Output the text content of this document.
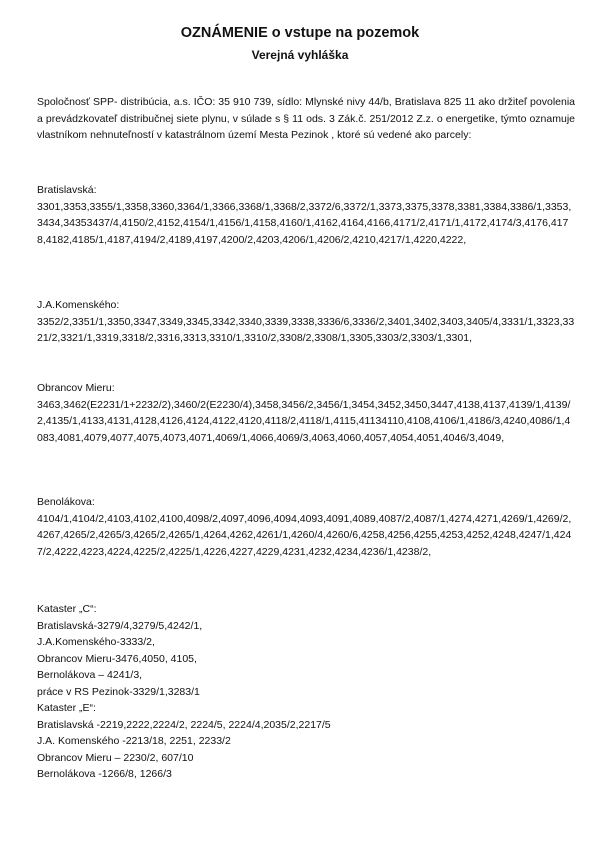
OZNÁMENIE o vstupe na pozemok
Verejná vyhláška
Spoločnosť SPP- distribúcia, a.s. IČO: 35 910 739, sídlo: Mlynské nivy 44/b, Bratislava 825 11 ako držiteľ povolenia a prevádzkovateľ distribučnej siete plynu, v súlade s § 11 ods. 3 Zák.č. 251/2012 Z.z. o energetike, týmto oznamuje vlastníkom nehnuteľností v katastrálnom území Mesta Pezinok , ktoré sú vedené ako parcely:
Bratislavská:
3301,3353,3355/1,3358,3360,3364/1,3366,3368/1,3368/2,3372/6,3372/1,3373,3375,3378,3381,3384,3386/1,3353,3434,34353437/4,4150/2,4152,4154/1,4156/1,4158,4160/1,4162,4164,4166,4171/2,4171/1,4172,4174/3,4176,4178,4182,4185/1,4187,4194/2,4189,4197,4200/2,4203,4206/1,4206/2,4210,4217/1,4220,4222,
J.A.Komenského:
3352/2,3351/1,3350,3347,3349,3345,3342,3340,3339,3338,3336/6,3336/2,3401,3402,3403,3405/4,3331/1,3323,3321/2,3321/1,3319,3318/2,3316,3313,3310/1,3310/2,3308/2,3308/1,3305,3303/2,3303/1,3301,
Obrancov Mieru:
3463,3462(E2231/1+2232/2),3460/2(E2230/4),3458,3456/2,3456/1,3454,3452,3450,3447,4138,4137,4139/1,4139/2,4135/1,4133,4131,4128,4126,4124,4122,4120,4118/2,4118/1,4115,41134110,4108,4106/1,4186/3,4240,4086/1,4083,4081,4079,4077,4075,4073,4071,4069/1,4066,4069/3,4063,4060,4057,4054,4051,4046/3,4049,
Benolákova:
4104/1,4104/2,4103,4102,4100,4098/2,4097,4096,4094,4093,4091,4089,4087/2,4087/1,4274,4271,4269/1,4269/2,4267,4265/2,4265/3,4265/2,4265/1,4264,4262,4261/1,4260/4,4260/6,4258,4256,4255,4253,4252,4248,4247/1,4247/2,4222,4223,4224,4225/2,4225/1,4226,4227,4229,4231,4232,4234,4236/1,4238/2,
Kataster „C“:
Bratislavská-3279/4,3279/5,4242/1,
J.A.Komenského-3333/2,
Obrancov Mieru-3476,4050, 4105,
Bernolákova – 4241/3,
práce v RS Pezinok-3329/1,3283/1
Kataster „E“:
Bratislavská -2219,2222,2224/2, 2224/5, 2224/4,2035/2,2217/5
J.A. Komenského -2213/18, 2251, 2233/2
Obrancov Mieru – 2230/2, 607/10
Bernolákova -1266/8, 1266/3
